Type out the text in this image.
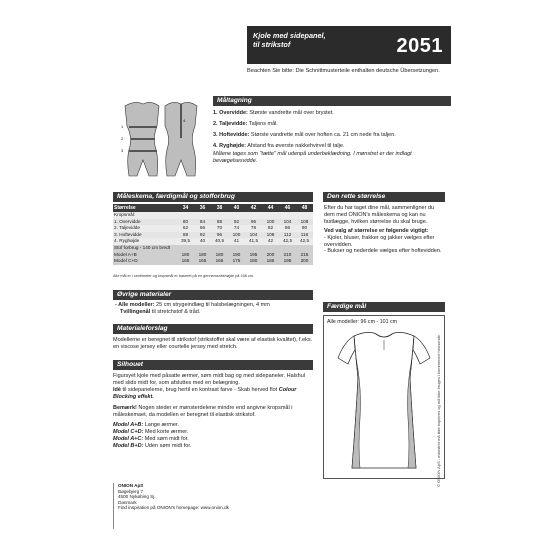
Kjole med sidepanel,
til strikstof	2051
Beachten Sie bitte: Die Schnittmusterteile enthalten deutsche Übersetzungen.
Måltagning
1
2
3
4
1. Overvidde: Største vandrette mål over brystet.
2. Taljevidde: Taljens mål.
3. Hoftevidde: Største vandrette mål over hoften ca. 21 cm nede fra taljen.
4. Ryghøjde: Afstand fra øverste nakkehvirvel til talje.
Målene tages som "tætte" mål udenpå underbeklædning. I mønstret er der indlagt bevægelsesvidde.
Måleskema, færdigmål og stofforbrug
Størrelse	34	36	38	40	42	44	46	48
Kropsmål:								
1. Overvidde	80	84	88	92	96	100	104	108
2. Taljevidde	62	66	70	74	78	82	86	90
3. Hoftevidde	88	92	96	100	104	108	112	116
4. Ryghøjde	39,5	40	40,5	41	41,5	42	42,5	42,5
Stof forbrug - 140 cm bredt								
Model A+B	180	180	180	190	195	200	210	215
Model C+D	165	165	165	175	180	185	195	200
Alle mål er i centimeter og kropsmål er baseret på en gennemsnitshøjde på 168 cm.
Øvrige materialer
- Alle modeller: 25 cm strygeindlæg til halsbelægningen, 4 mm
Tvillingenål til stretchstof & tråd.
Materialeforslag
Modellerne er beregnet til strikstof (strikstoffet skal være af elastisk kvalitet), f.eks. en viscose jersey eller courtelle jersey med stretch.
Silhouet
Figursyet kjole med påsatte ærmer, søm midt bag og med sidepaneler. Halshul med slids midt for, som afsluttes med en belægning.
Idé til sidepanelerne, brug hertil en kontrast farve - Skab herved flot Colour Blocking effekt.
Bemærk! Nogen steder er mønsterdelene mindre end angivne kropsmål i måleskemaet, da modellen er beregnet til elastisk strikstof.
Model A+B: Lange ærmer.
Model C+D: Med korte ærmer.
Model A+C: Med søm midt for.
Model B+D: Uden søm midt for.
Den rette størrelse
Efter du har taget dine mål, sammenligner du dem med ONION's måleskema og kan nu fastlægge, hvilken størrelse du skal bruge.
Ved valg af størrelse er følgende vigtigt:
- Kjoler, bluser, frakker og jakker vælges efter overvidden.
- Bukser og nederdele vælges efter hoftevidden.
Færdige mål
Alle modeller: 96 cm - 101 cm
ONION ApS
Bøgebjerg 7
4500 Nykøbing Sj.
Danmark
Find inspiration på ONION's homepage: www.onion.dk
© ONION ApS - mønstret må ikke kopieres og må ikke bruges i kommerciel hensende
